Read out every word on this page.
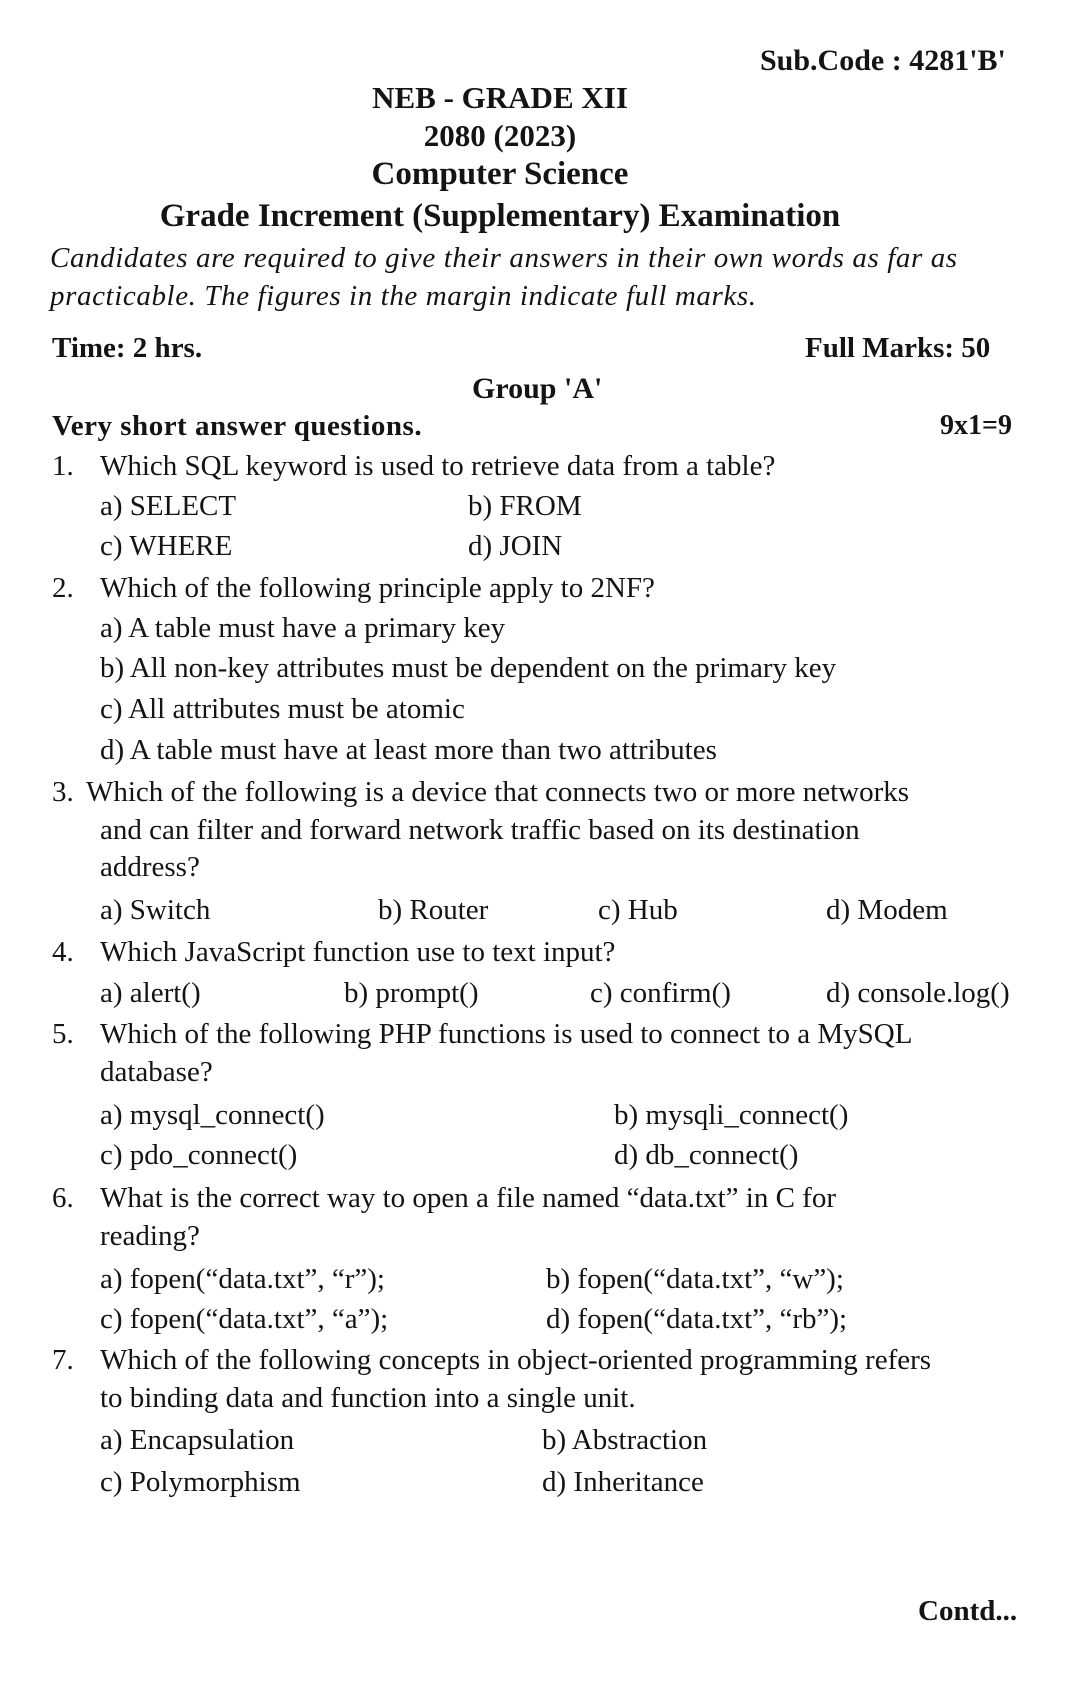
Sub.Code : 4281'B'
NEB - GRADE XII
2080 (2023)
Computer Science
Grade Increment (Supplementary) Examination
Candidates are required to give their answers in their own words as far as
practicable. The figures in the margin indicate full marks.
Time: 2 hrs.	Full Marks: 50
Group 'A'
Very short answer questions.	9x1=9
1. Which SQL keyword is used to retrieve data from a table?
a) SELECT	b) FROM
c) WHERE	d) JOIN
2. Which of the following principle apply to 2NF?
a) A table must have a primary key
b) All non-key attributes must be dependent on the primary key
c) All attributes must be atomic
d) A table must have at least more than two attributes
3. Which of the following is a device that connects two or more networks
and can filter and forward network traffic based on its destination
address?
a) Switch	b) Router	c) Hub	d) Modem
4. Which JavaScript function use to text input?
a) alert()	b) prompt()	c) confirm()	d) console.log()
5. Which of the following PHP functions is used to connect to a MySQL
database?
a) mysql_connect()	b) mysqli_connect()
c) pdo_connect()	d) db_connect()
6. What is the correct way to open a file named “data.txt” in C for
reading?
a) fopen(“data.txt”, “r”);	b) fopen(“data.txt”, “w”);
c) fopen(“data.txt”, “a”);	d) fopen(“data.txt”, “rb”);
7. Which of the following concepts in object-oriented programming refers
to binding data and function into a single unit.
a) Encapsulation	b) Abstraction
c) Polymorphism	d) Inheritance
Contd...
